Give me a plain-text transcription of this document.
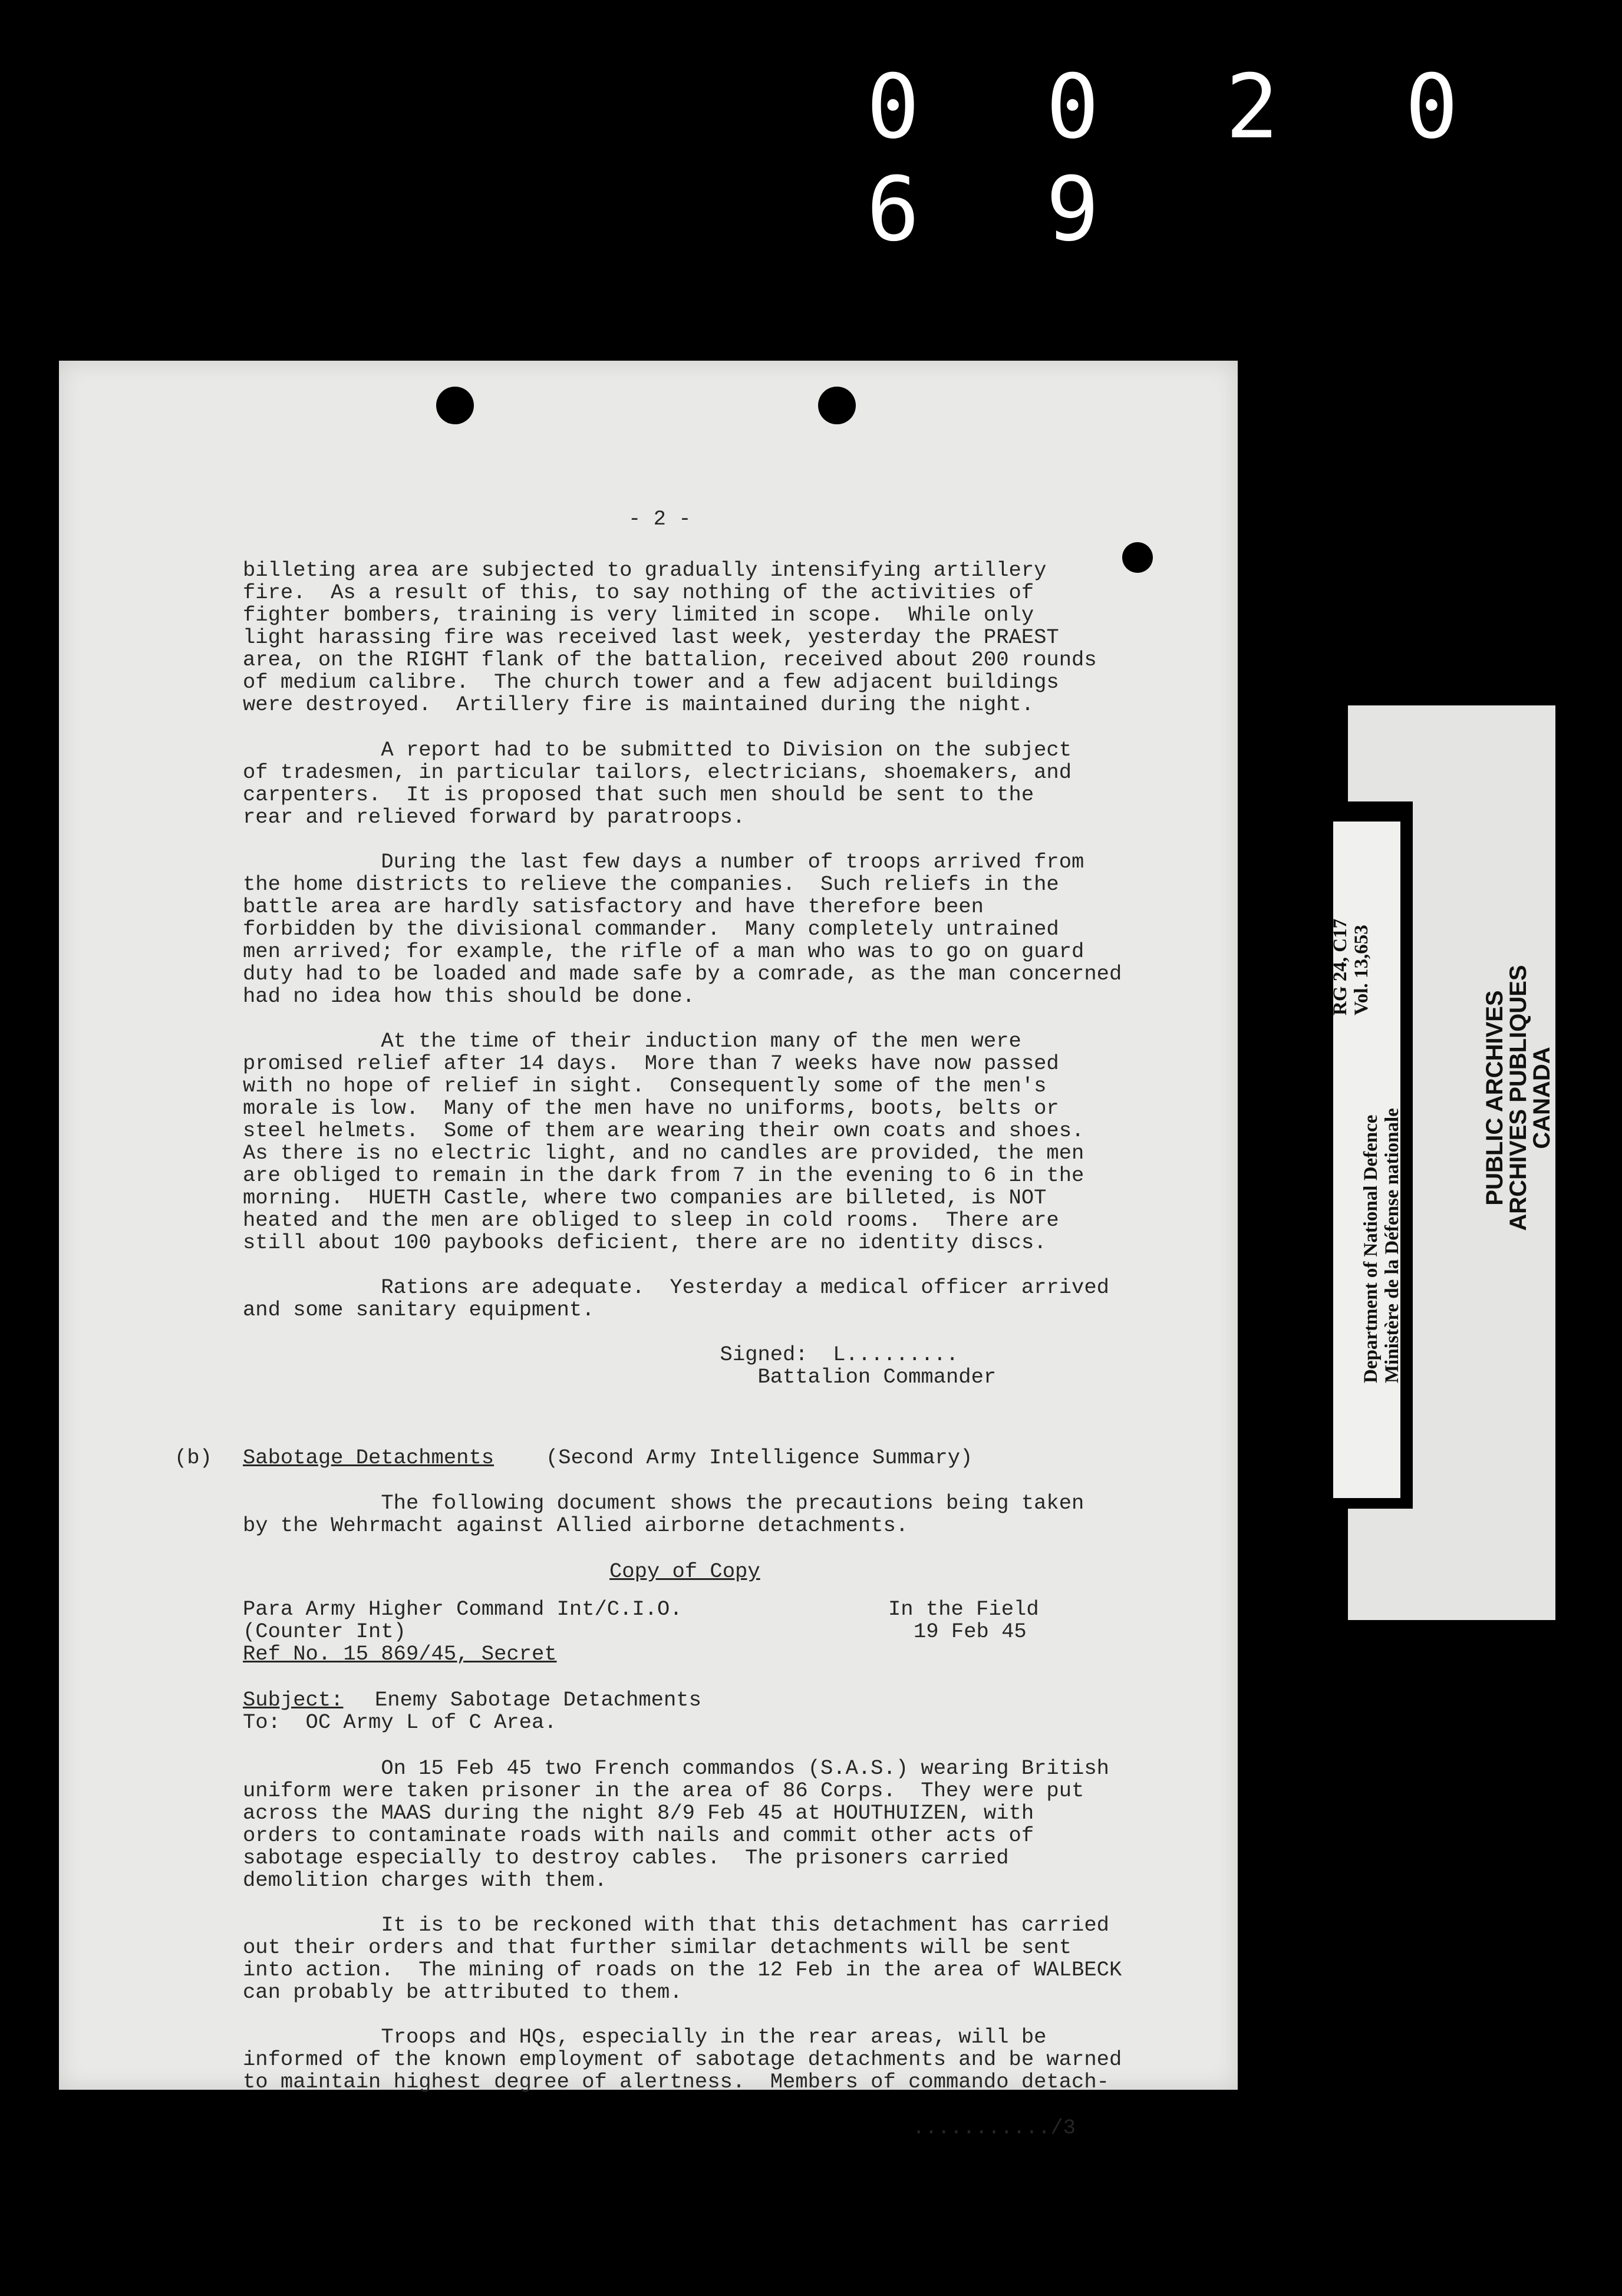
0 0 2 0 6 9
- 2 -
billeting area are subjected to gradually intensifying artillery
fire.  As a result of this, to say nothing of the activities of
fighter bombers, training is very limited in scope.  While only
light harassing fire was received last week, yesterday the PRAEST
area, on the RIGHT flank of the battalion, received about 200 rounds
of medium calibre.  The church tower and a few adjacent buildings
were destroyed.  Artillery fire is maintained during the night.
A report had to be submitted to Division on the subject
of tradesmen, in particular tailors, electricians, shoemakers, and
carpenters.  It is proposed that such men should be sent to the
rear and relieved forward by paratroops.
During the last few days a number of troops arrived from
the home districts to relieve the companies.  Such reliefs in the
battle area are hardly satisfactory and have therefore been
forbidden by the divisional commander.  Many completely untrained
men arrived; for example, the rifle of a man who was to go on guard
duty had to be loaded and made safe by a comrade, as the man concerned
had no idea how this should be done.
At the time of their induction many of the men were
promised relief after 14 days.  More than 7 weeks have now passed
with no hope of relief in sight.  Consequently some of the men's
morale is low.  Many of the men have no uniforms, boots, belts or
steel helmets.  Some of them are wearing their own coats and shoes.
As there is no electric light, and no candles are provided, the men
are obliged to remain in the dark from 7 in the evening to 6 in the
morning.  HUETH Castle, where two companies are billeted, is NOT
heated and the men are obliged to sleep in cold rooms.  There are
still about 100 paybooks deficient, there are no identity discs.
Rations are adequate.  Yesterday a medical officer arrived
and some sanitary equipment.
Signed:  L.........
Battalion Commander
(b) Sabotage Detachments (Second Army Intelligence Summary)
The following document shows the precautions being taken
by the Wehrmacht against Allied airborne detachments.
Copy of Copy
Para Army Higher Command Int/C.I.O.
(Counter Int)
Ref No. 15 869/45, Secret
In the Field
19 Feb 45
Subject: Enemy Sabotage Detachments
To:  OC Army L of C Area.
On 15 Feb 45 two French commandos (S.A.S.) wearing British
uniform were taken prisoner in the area of 86 Corps.  They were put
across the MAAS during the night 8/9 Feb 45 at HOUTHUIZEN, with
orders to contaminate roads with nails and commit other acts of
sabotage especially to destroy cables.  The prisoners carried
demolition charges with them.
It is to be reckoned with that this detachment has carried
out their orders and that further similar detachments will be sent
into action.  The mining of roads on the 12 Feb in the area of WALBECK
can probably be attributed to them.
Troops and HQs, especially in the rear areas, will be
informed of the known employment of sabotage detachments and be warned
to maintain highest degree of alertness.  Members of commando detach-
.........../3
Department of National Defence Ministère de la Défense nationale
RG 24, C17 Vol. 13,653
PUBLIC ARCHIVES
ARCHIVES PUBLIQUES
CANADA
